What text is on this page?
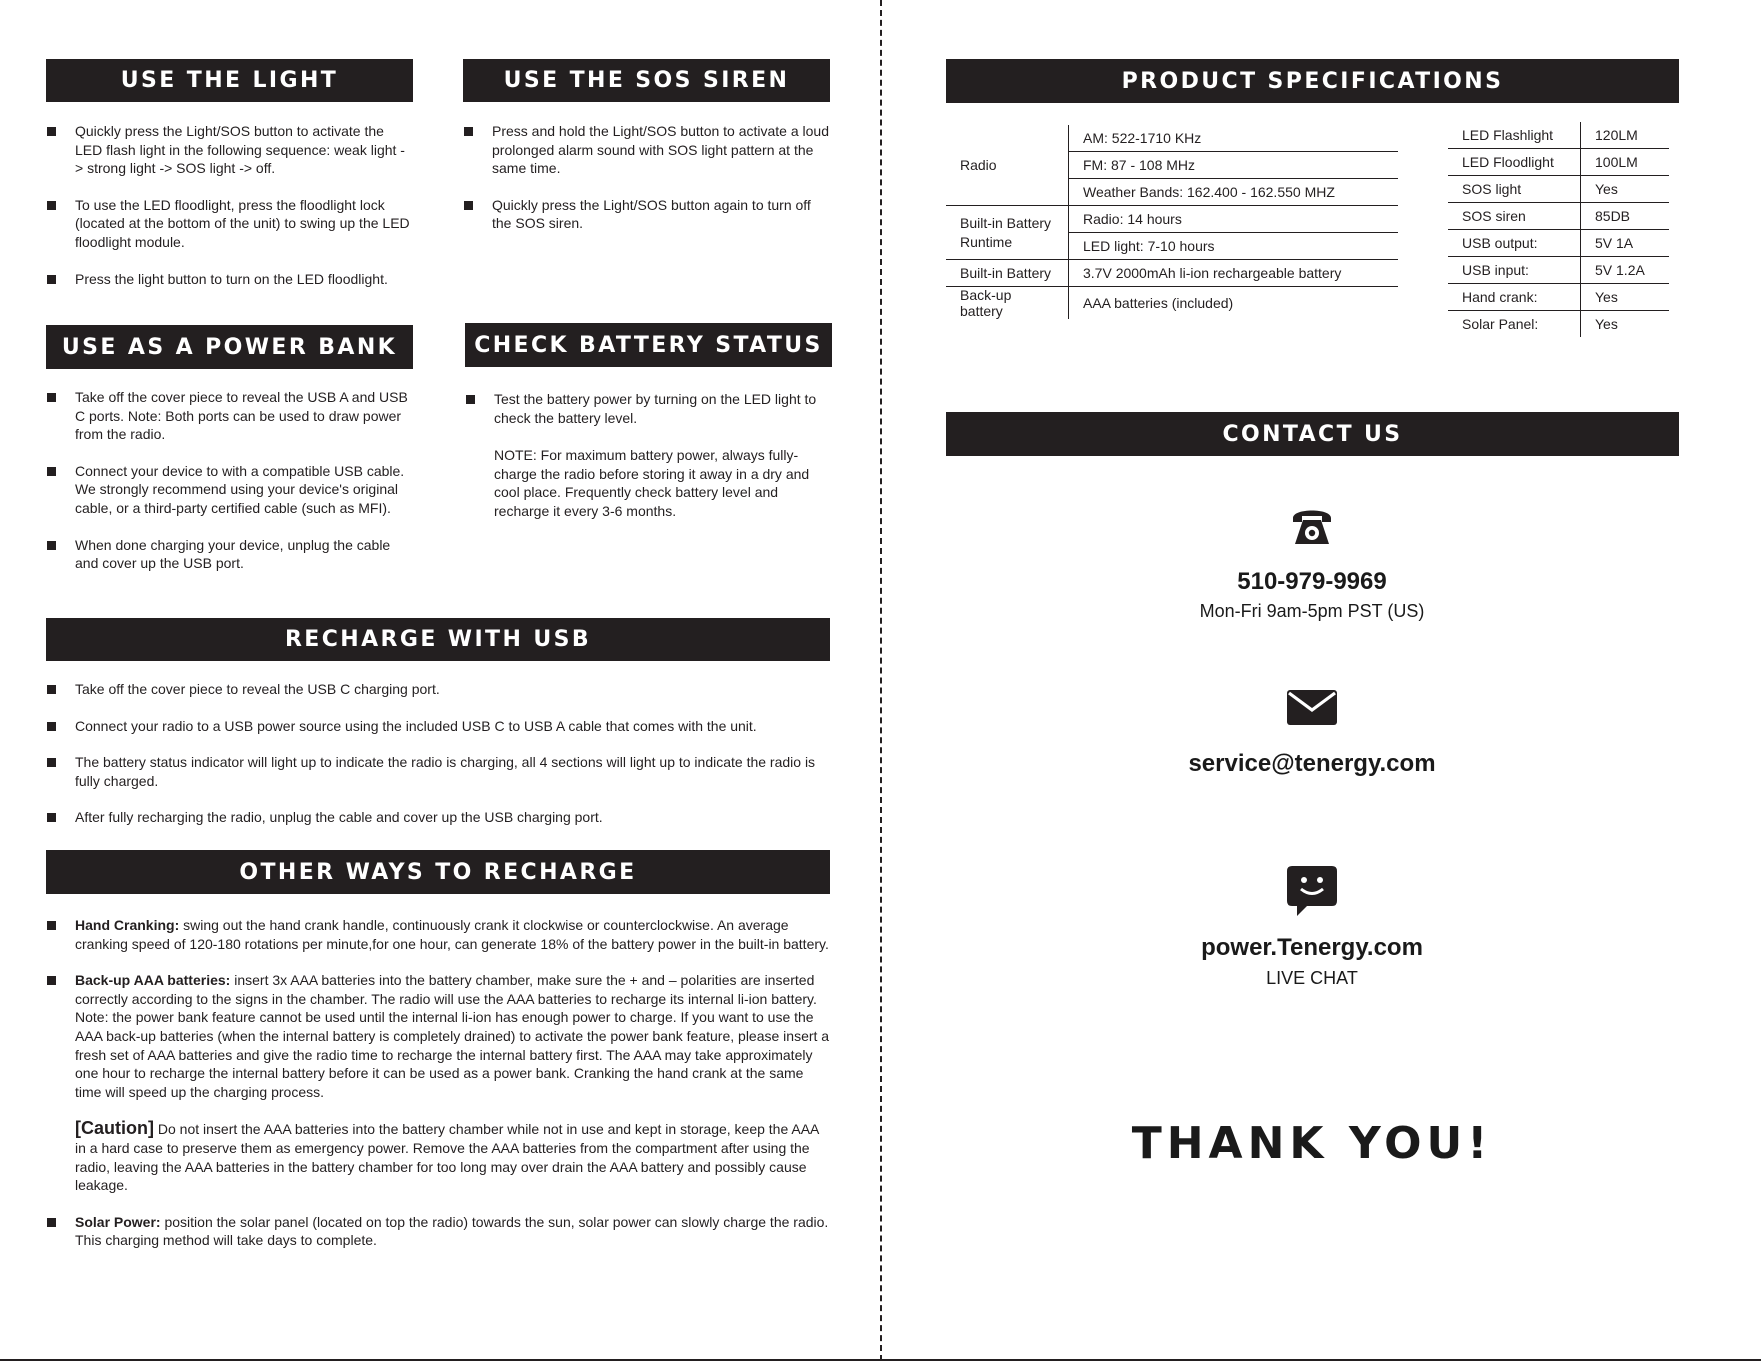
USE THE LIGHT
Quickly press the Light/SOS button to activate the LED flash light in the following sequence: weak light -> strong light -> SOS light -> off.
To use the LED floodlight, press the floodlight lock (located at the bottom of the unit) to swing up the LED floodlight module.
Press the light button to turn on the LED floodlight.
USE THE SOS SIREN
Press and hold the Light/SOS button to activate a loud prolonged alarm sound with SOS light pattern at the same time.
Quickly press the Light/SOS button again to turn off the SOS siren.
USE AS A POWER BANK
Take off the cover piece to reveal the USB A and USB C ports. Note: Both ports can be used to draw power from the radio.
Connect your device to with a compatible USB cable. We strongly recommend using your device's original cable, or a third-party certified cable (such as MFI).
When done charging your device, unplug the cable and cover up the USB port.
CHECK BATTERY STATUS
Test the battery power by turning on the LED light to check the battery level.
NOTE: For maximum battery power, always fully-charge the radio before storing it away in a dry and cool place. Frequently check battery level and recharge it every 3-6 months.
RECHARGE WITH USB
Take off the cover piece to reveal the USB C charging port.
Connect your radio to a USB power source using the included USB C to USB A cable that comes with the unit.
The battery status indicator will light up to indicate the radio is charging, all 4 sections will light up to indicate the radio is fully charged.
After fully recharging the radio, unplug the cable and cover up the USB charging port.
OTHER WAYS TO RECHARGE
Hand Cranking: swing out the hand crank handle, continuously crank it clockwise or counterclockwise. An average cranking speed of 120-180 rotations per minute,for one hour, can generate 18% of the battery power in the built-in battery.
Back-up AAA batteries: insert 3x AAA batteries into the battery chamber, make sure the + and – polarities are inserted correctly according to the signs in the chamber. The radio will use the AAA batteries to recharge its internal li-ion battery. Note: the power bank feature cannot be used until the internal li-ion has enough power to charge. If you want to use the AAA back-up batteries (when the internal battery is completely drained) to activate the power bank feature, please insert a fresh set of AAA batteries and give the radio time to recharge the internal battery first. The AAA may take approximately one hour to recharge the internal battery before it can be used as a power bank. Cranking the hand crank at the same time will speed up the charging process.
[Caution] Do not insert the AAA batteries into the battery chamber while not in use and kept in storage, keep the AAA in a hard case to preserve them as emergency power. Remove the AAA batteries from the compartment after using the radio, leaving the AAA batteries in the battery chamber for too long may over drain the AAA battery and possibly cause leakage.
Solar Power: position the solar panel (located on top the radio) towards the sun, solar power can slowly charge the radio. This charging method will take days to complete.
PRODUCT SPECIFICATIONS
Radio	AM: 522-1710 KHz
	FM: 87 - 108 MHz
	Weather Bands: 162.400 - 162.550 MHZ
Built-in Battery Runtime	Radio: 14 hours
	LED light: 7-10 hours
Built-in Battery	3.7V 2000mAh li-ion rechargeable battery
Back-up battery	AAA batteries (included)
LED Flashlight	120LM
LED Floodlight	100LM
SOS light	Yes
SOS siren	85DB
USB output:	5V 1A
USB input:	5V 1.2A
Hand crank:	Yes
Solar Panel:	Yes
CONTACT US
510-979-9969
Mon-Fri 9am-5pm PST (US)
service@tenergy.com
power.Tenergy.com
LIVE CHAT
THANK YOU!
